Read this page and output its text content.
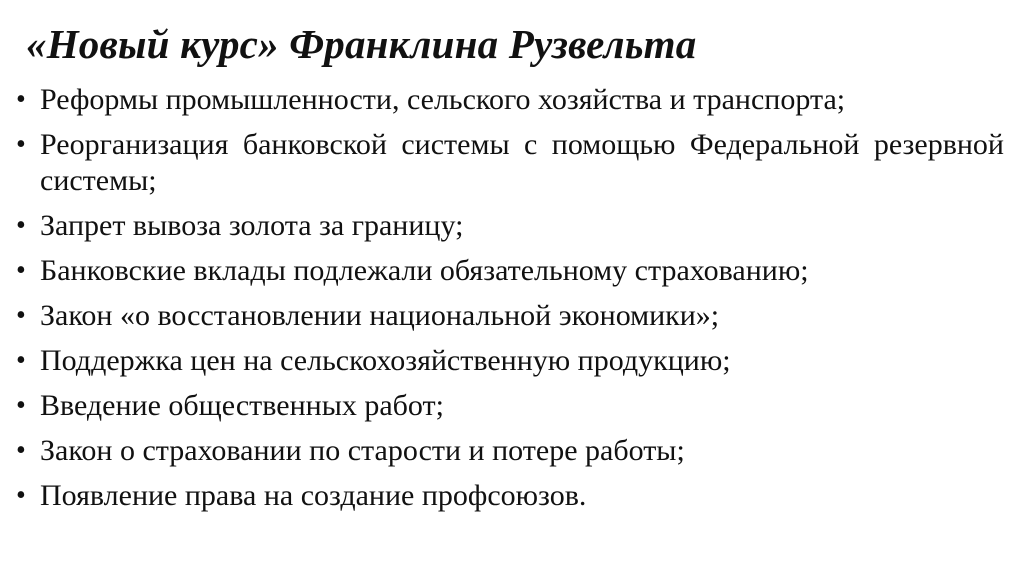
«Новый курс» Франклина Рузвельта
• Реформы промышленности, сельского хозяйства и транспорта;
• Реорганизация банковской системы с помощью Федеральной резервной системы;
• Запрет вывоза золота за границу;
• Банковские вклады подлежали обязательному страхованию;
• Закон «о восстановлении национальной экономики»;
• Поддержка цен на сельскохозяйственную продукцию;
• Введение общественных работ;
• Закон о страховании по старости и потере работы;
• Появление права на создание профсоюзов.
